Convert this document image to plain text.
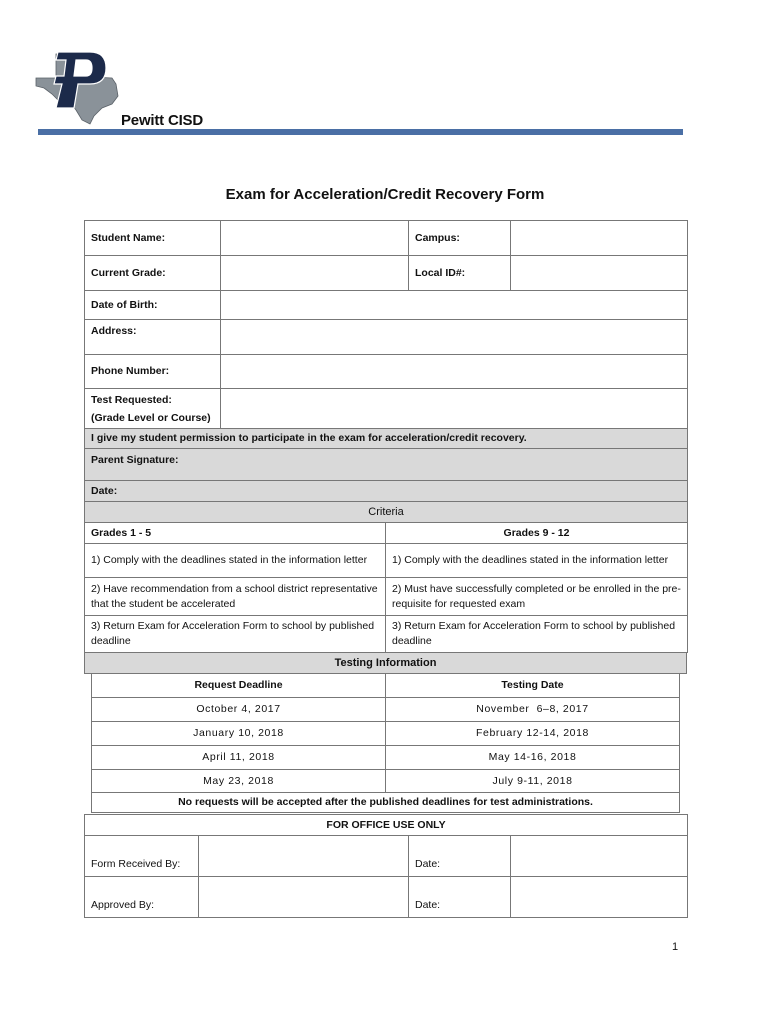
Pewitt CISD
Exam for Acceleration/Credit Recovery Form
Student Name:		Campus:	
Current Grade:		Local ID#:	
Date of Birth:			
Address:			
Phone Number:			

Test Requested:
(Grade Level or Course)			

I give my student permission to participate in the exam for acceleration/credit recovery.			
Parent Signature:			
Date:			
Criteria	
Grades 1 - 5	Grades 9 - 12
1) Comply with the deadlines stated in the information letter	1) Comply with the deadlines stated in the information letter
2) Have recommendation from a school district representative that the student be accelerated	2) Must have successfully completed or be enrolled in the pre-requisite for requested exam
3) Return Exam for Acceleration Form to school by published deadline	3) Return Exam for Acceleration Form to school by published deadline
Testing Information
Request Deadline	Testing Date
October 4, 2017	November  6–8, 2017
January 10, 2018	February 12-14, 2018
April 11, 2018	May 14-16, 2018
May 23, 2018	July 9-11, 2018
No requests will be accepted after the published deadlines for test administrations.	
FOR OFFICE USE ONLY			
Form Received By:		Date:	
Approved By:		Date:	
1
